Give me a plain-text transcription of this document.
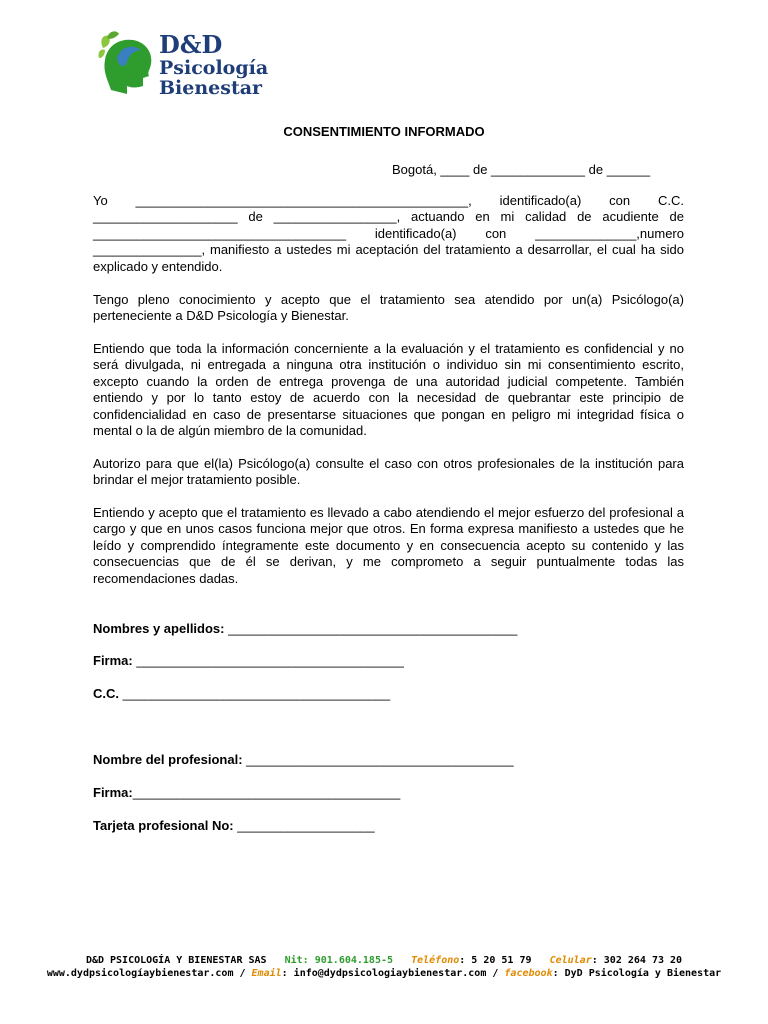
D&D
Psicología
Bienestar
CONSENTIMIENTO INFORMADO
Bogotá, ____ de _____________ de ______
Yo ______________________________________________, identificado(a) con C.C. ____________________ de _________________, actuando en mi calidad de acudiente de ___________________________________ identificado(a) con ______________,numero _______________, manifiesto a ustedes mi aceptación del tratamiento a desarrollar, el cual ha sido explicado y entendido.
Tengo pleno conocimiento y acepto que el tratamiento sea atendido por un(a) Psicólogo(a) perteneciente a D&D Psicología y Bienestar.
Entiendo que toda la información concerniente a la evaluación y el tratamiento es confidencial y no será divulgada, ni entregada a ninguna otra institución o individuo sin mi consentimiento escrito, excepto cuando la orden de entrega provenga de una autoridad judicial competente. También entiendo y por lo tanto estoy de acuerdo con la necesidad de quebrantar este principio de confidencialidad en caso de presentarse situaciones que pongan en peligro mi integridad física o mental o la de algún miembro de la comunidad.
Autorizo para que el(la) Psicólogo(a) consulte el caso con otros profesionales de la institución para brindar el mejor tratamiento posible.
Entiendo y acepto que el tratamiento es llevado a cabo atendiendo el mejor esfuerzo del profesional a cargo y que en unos casos funciona mejor que otros. En forma expresa manifiesto a ustedes que he leído y comprendido íntegramente este documento y en consecuencia acepto su contenido y las consecuencias que de él se derivan, y me comprometo a seguir puntualmente todas las recomendaciones dadas.
Nombres y apellidos: ________________________________________
Firma: _____________________________________
C.C. _____________________________________
Nombre del profesional: _____________________________________
Firma:_____________________________________
Tarjeta profesional No: ___________________
D&D PSICOLOGÍA Y BIENESTAR SAS Nit: 901.604.185-5 Teléfono: 5 20 51 79 Celular: 302 264 73 20
www.dydpsicologíaybienestar.com / Email: info@dydpsicologiaybienestar.com / facebook: DyD Psicología y Bienestar
